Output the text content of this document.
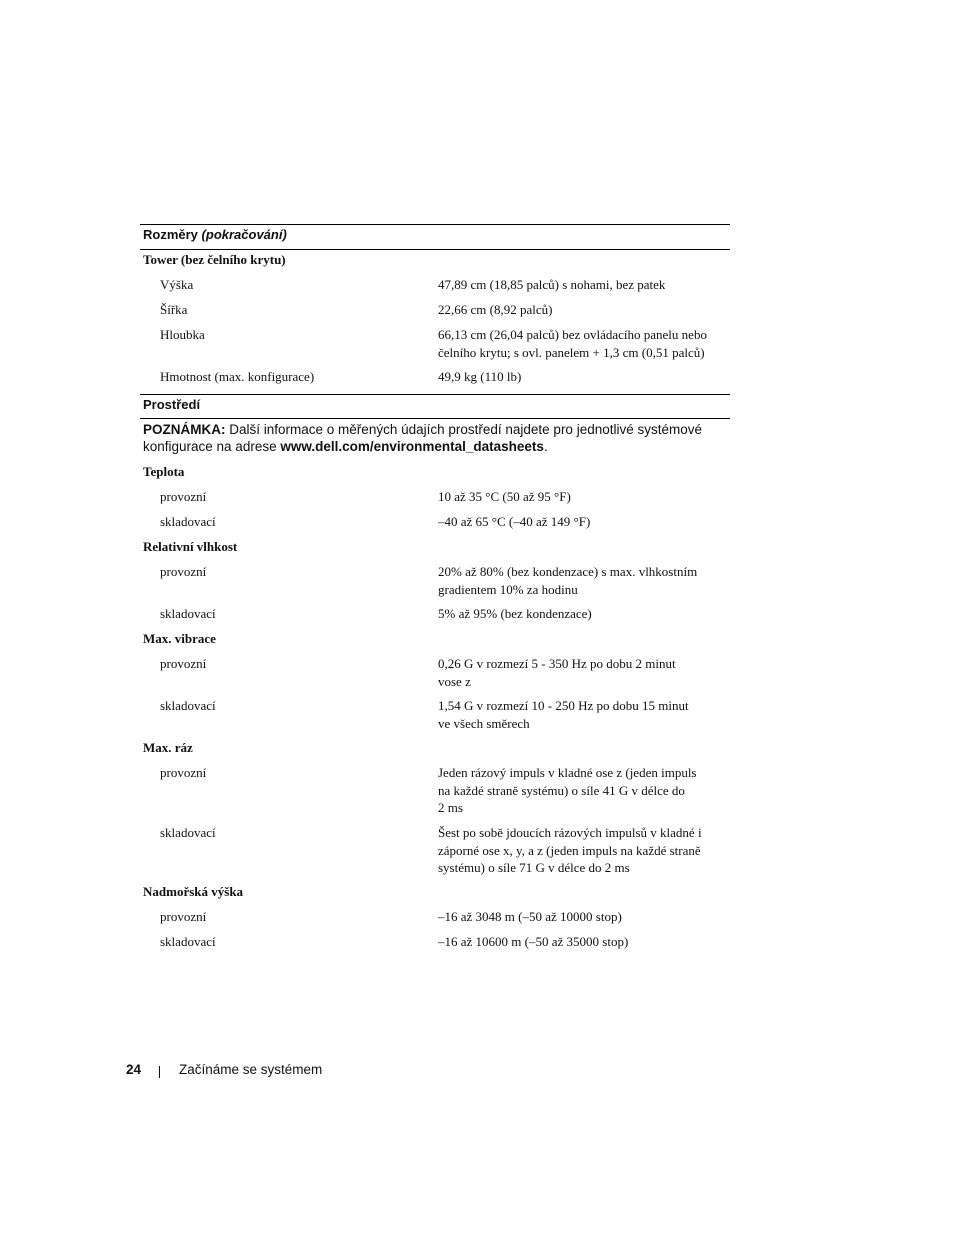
Rozměry (pokračování)
Tower (bez čelního krytu)
Výška	47,89 cm (18,85 palců) s nohami, bez patek
Šířka	22,66 cm (8,92 palců)
Hloubka	66,13 cm (26,04 palců) bez ovládacího panelu nebo
čelního krytu; s ovl. panelem + 1,3 cm (0,51 palců)
Hmotnost (max. konfigurace)	49,9 kg (110 lb)
Prostředí
POZNÁMKA: Další informace o měřených údajích prostředí najdete pro jednotlivé systémové
konfigurace na adrese www.dell.com/environmental_datasheets.
Teplota
provozní	10 až 35 °C (50 až 95 °F)
skladovací	–40 až 65 °C (–40 až 149 °F)
Relativní vlhkost
provozní	20% až 80% (bez kondenzace) s max. vlhkostním
gradientem 10% za hodinu
skladovací	5% až 95% (bez kondenzace)
Max. vibrace
provozní	0,26 G v rozmezí 5 - 350 Hz po dobu 2 minut
vose z
skladovací	1,54 G v rozmezí 10 - 250 Hz po dobu 15 minut
ve všech směrech
Max. ráz
provozní	Jeden rázový impuls v kladné ose z (jeden impuls
na každé straně systému) o síle 41 G v délce do
2 ms
skladovací	Šest po sobě jdoucích rázových impulsů v kladné i
záporné ose x, y, a z (jeden impuls na každé straně
systému) o síle 71 G v délce do 2 ms
Nadmořská výška
provozní	–16 až 3048 m (–50 až 10000 stop)
skladovací	–16 až 10600 m (–50 až 35000 stop)
24	Začínáme se systémem
